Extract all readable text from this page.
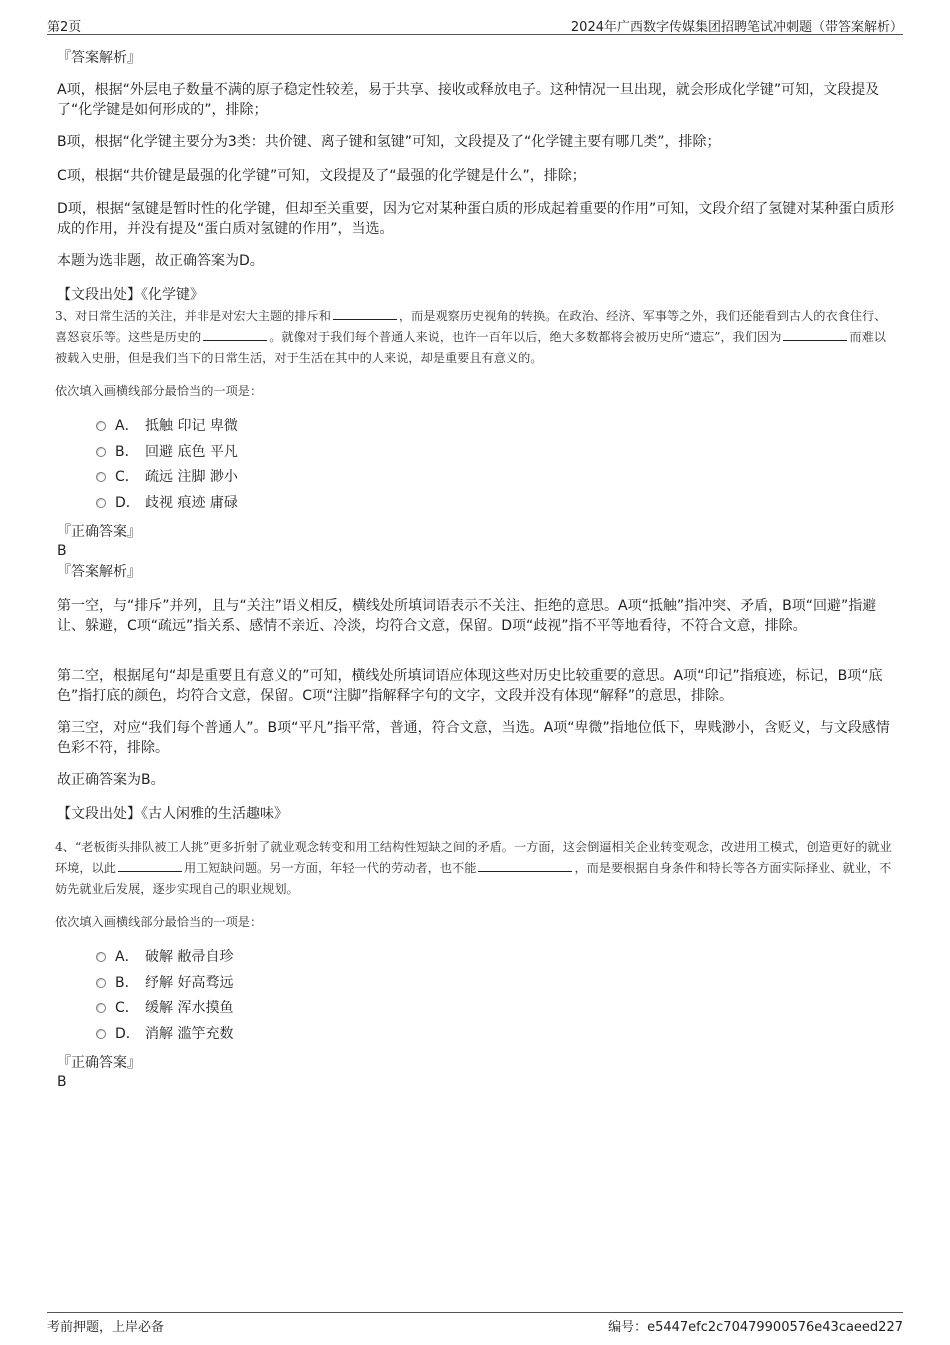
第2页	2024年广西数字传媒集团招聘笔试冲刺题（带答案解析）
『答案解析』
A项，根据“外层电子数量不满的原子稳定性较差，易于共享、接收或释放电子。这种情况一旦出现，就会形成化学键”可知，文段提及了“化学键是如何形成的”，排除；
B项，根据“化学键主要分为3类：共价键、离子键和氢键”可知，文段提及了“化学键主要有哪几类”，排除；
C项，根据“共价键是最强的化学键”可知，文段提及了“最强的化学键是什么”，排除；
D项，根据“氢键是暂时性的化学键，但却至关重要，因为它对某种蛋白质的形成起着重要的作用”可知，文段介绍了氢键对某种蛋白质形成的作用，并没有提及“蛋白质对氢键的作用”，当选。
本题为选非题，故正确答案为D。
【文段出处】《化学键》
3、对日常生活的关注，并非是对宏大主题的排斥和	，而是观察历史视角的转换。在政治、经济、军事等之外，我们还能看到古人的衣食住行、喜怒哀乐等。这些是历史的	。就像对于我们每个普通人来说，也许一百年以后，绝大多数都将会被历史所“遗忘”，我们因为	而难以被载入史册，但是我们当下的日常生活，对于生活在其中的人来说，却是重要且有意义的。
依次填入画横线部分最恰当的一项是：
A． 抵触 印记 卑微
B． 回避 底色 平凡
C． 疏远 注脚 渺小
D． 歧视 痕迹 庸碌
『正确答案』
B
『答案解析』
第一空，与“排斥”并列，且与“关注”语义相反，横线处所填词语表示不关注、拒绝的意思。A项“抵触”指冲突、矛盾，B项“回避”指避让、躲避，C项“疏远”指关系、感情不亲近、冷淡，均符合文意，保留。D项“歧视”指不平等地看待，不符合文意，排除。
第二空，根据尾句“却是重要且有意义的”可知，横线处所填词语应体现这些对历史比较重要的意思。A项“印记”指痕迹，标记，B项“底色”指打底的颜色，均符合文意，保留。C项“注脚”指解释字句的文字，文段并没有体现“解释”的意思，排除。
第三空，对应“我们每个普通人”。B项“平凡”指平常，普通，符合文意，当选。A项“卑微”指地位低下，卑贱渺小，含贬义，与文段感情色彩不符，排除。
故正确答案为B。
【文段出处】《古人闲雅的生活趣味》
4、“老板街头排队被工人挑”更多折射了就业观念转变和用工结构性短缺之间的矛盾。一方面，这会倒逼相关企业转变观念，改进用工模式，创造更好的就业环境，以此	用工短缺问题。另一方面，年轻一代的劳动者，也不能	，而是要根据自身条件和特长等各方面实际择业、就业，不妨先就业后发展，逐步实现自己的职业规划。
依次填入画横线部分最恰当的一项是：
A． 破解 敝帚自珍
B． 纾解 好高骛远
C． 缓解 浑水摸鱼
D． 消解 滥竽充数
『正确答案』
B
考前押题，上岸必备	编号：e5447efc2c70479900576e43caeed227
